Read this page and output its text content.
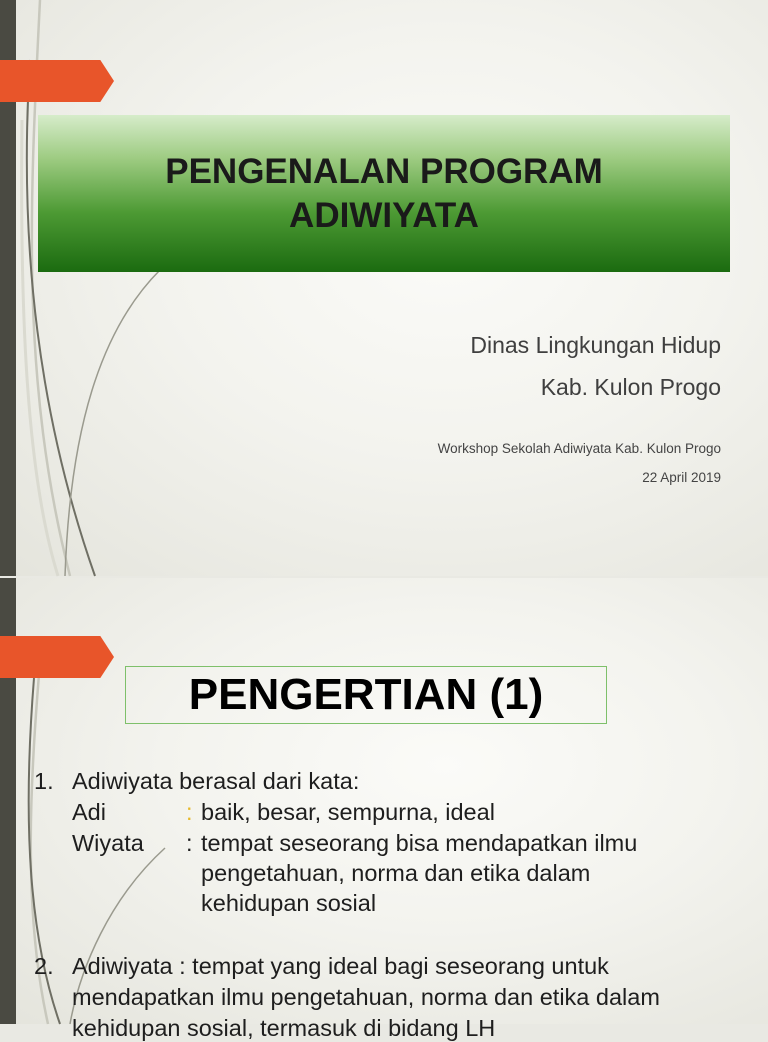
PENGENALAN PROGRAM
ADIWIYATA
Dinas Lingkungan Hidup
Kab. Kulon Progo
Workshop Sekolah Adiwiyata Kab. Kulon Progo
22 April 2019
PENGERTIAN (1)
1. Adiwiyata berasal dari kata:
Adi	: baik, besar, sempurna, ideal
Wiyata : tempat seseorang bisa mendapatkan ilmu
pengetahuan, norma dan etika dalam
kehidupan sosial
2. Adiwiyata : tempat yang ideal bagi seseorang untuk
mendapatkan ilmu pengetahuan, norma dan etika dalam
kehidupan sosial, termasuk di bidang LH
